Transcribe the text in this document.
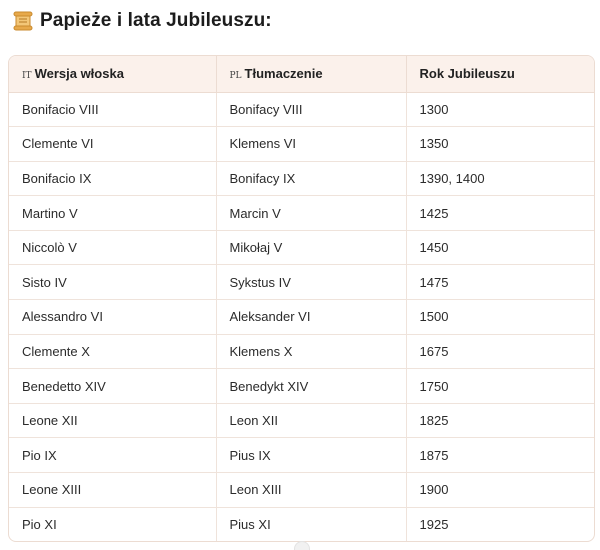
Papieże i lata Jubileuszu:
IT Wersja włoska	PL Tłumaczenie	Rok Jubileuszu
Bonifacio VIII	Bonifacy VIII	1300
Clemente VI	Klemens VI	1350
Bonifacio IX	Bonifacy IX	1390, 1400
Martino V	Marcin V	1425
Niccolò V	Mikołaj V	1450
Sisto IV	Sykstus IV	1475
Alessandro VI	Aleksander VI	1500
Clemente X	Klemens X	1675
Benedetto XIV	Benedykt XIV	1750
Leone XII	Leon XII	1825
Pio IX	Pius IX	1875
Leone XIII	Leon XIII	1900
Pio XI	Pius XI	1925
